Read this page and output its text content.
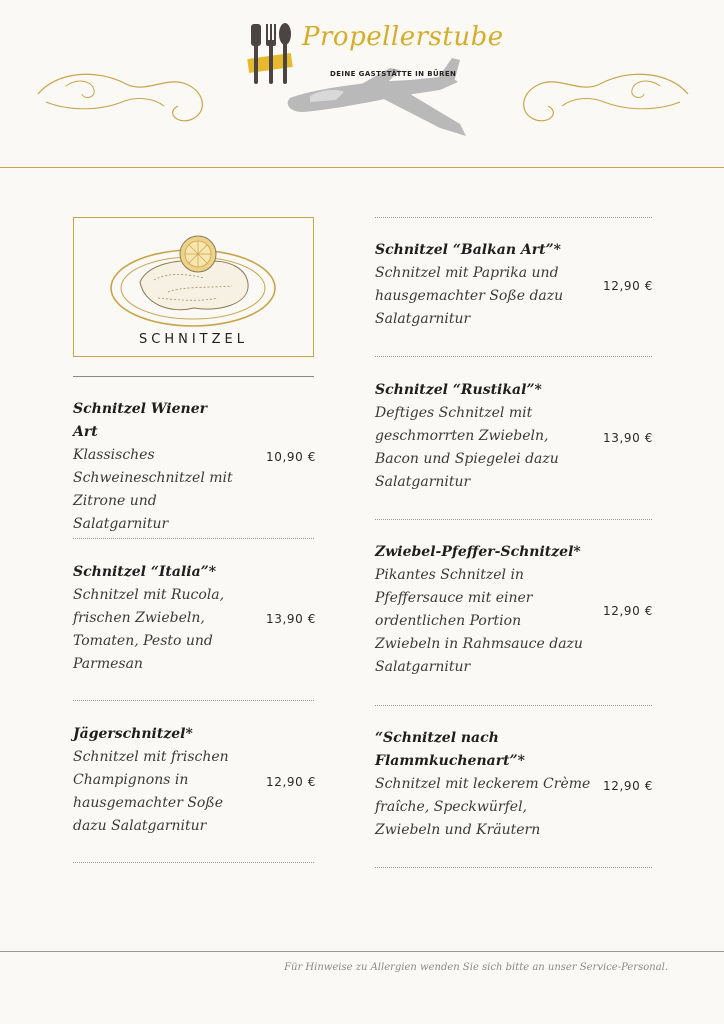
Propellerstube
DEINE GASTSTÄTTE IN BÜREN
SCHNITZEL
Schnitzel Wiener Art
Klassisches Schweineschnitzel mit Zitrone und Salatgarnitur
10,90 €
Schnitzel “Italia”*
Schnitzel mit Rucola, frischen Zwiebeln, Tomaten, Pesto und Parmesan
13,90 €
Jägerschnitzel*
Schnitzel mit frischen Champignons in hausgemachter Soße dazu Salatgarnitur
12,90 €
Schnitzel “Balkan Art”*
Schnitzel mit Paprika und hausgemachter Soße dazu Salatgarnitur
12,90 €
Schnitzel “Rustikal”*
Deftiges Schnitzel mit geschmorrten Zwiebeln, Bacon und Spiegelei dazu Salatgarnitur
13,90 €
Zwiebel-Pfeffer-Schnitzel*
Pikantes Schnitzel in Pfeffersauce mit einer ordentlichen Portion Zwiebeln in Rahmsauce dazu Salatgarnitur
12,90 €
“Schnitzel nach Flammkuchenart”*
Schnitzel mit leckerem Crème fraîche, Speckwürfel, Zwiebeln und Kräutern
12,90 €
Für Hinweise zu Allergien wenden Sie sich bitte an unser Service-Personal.
